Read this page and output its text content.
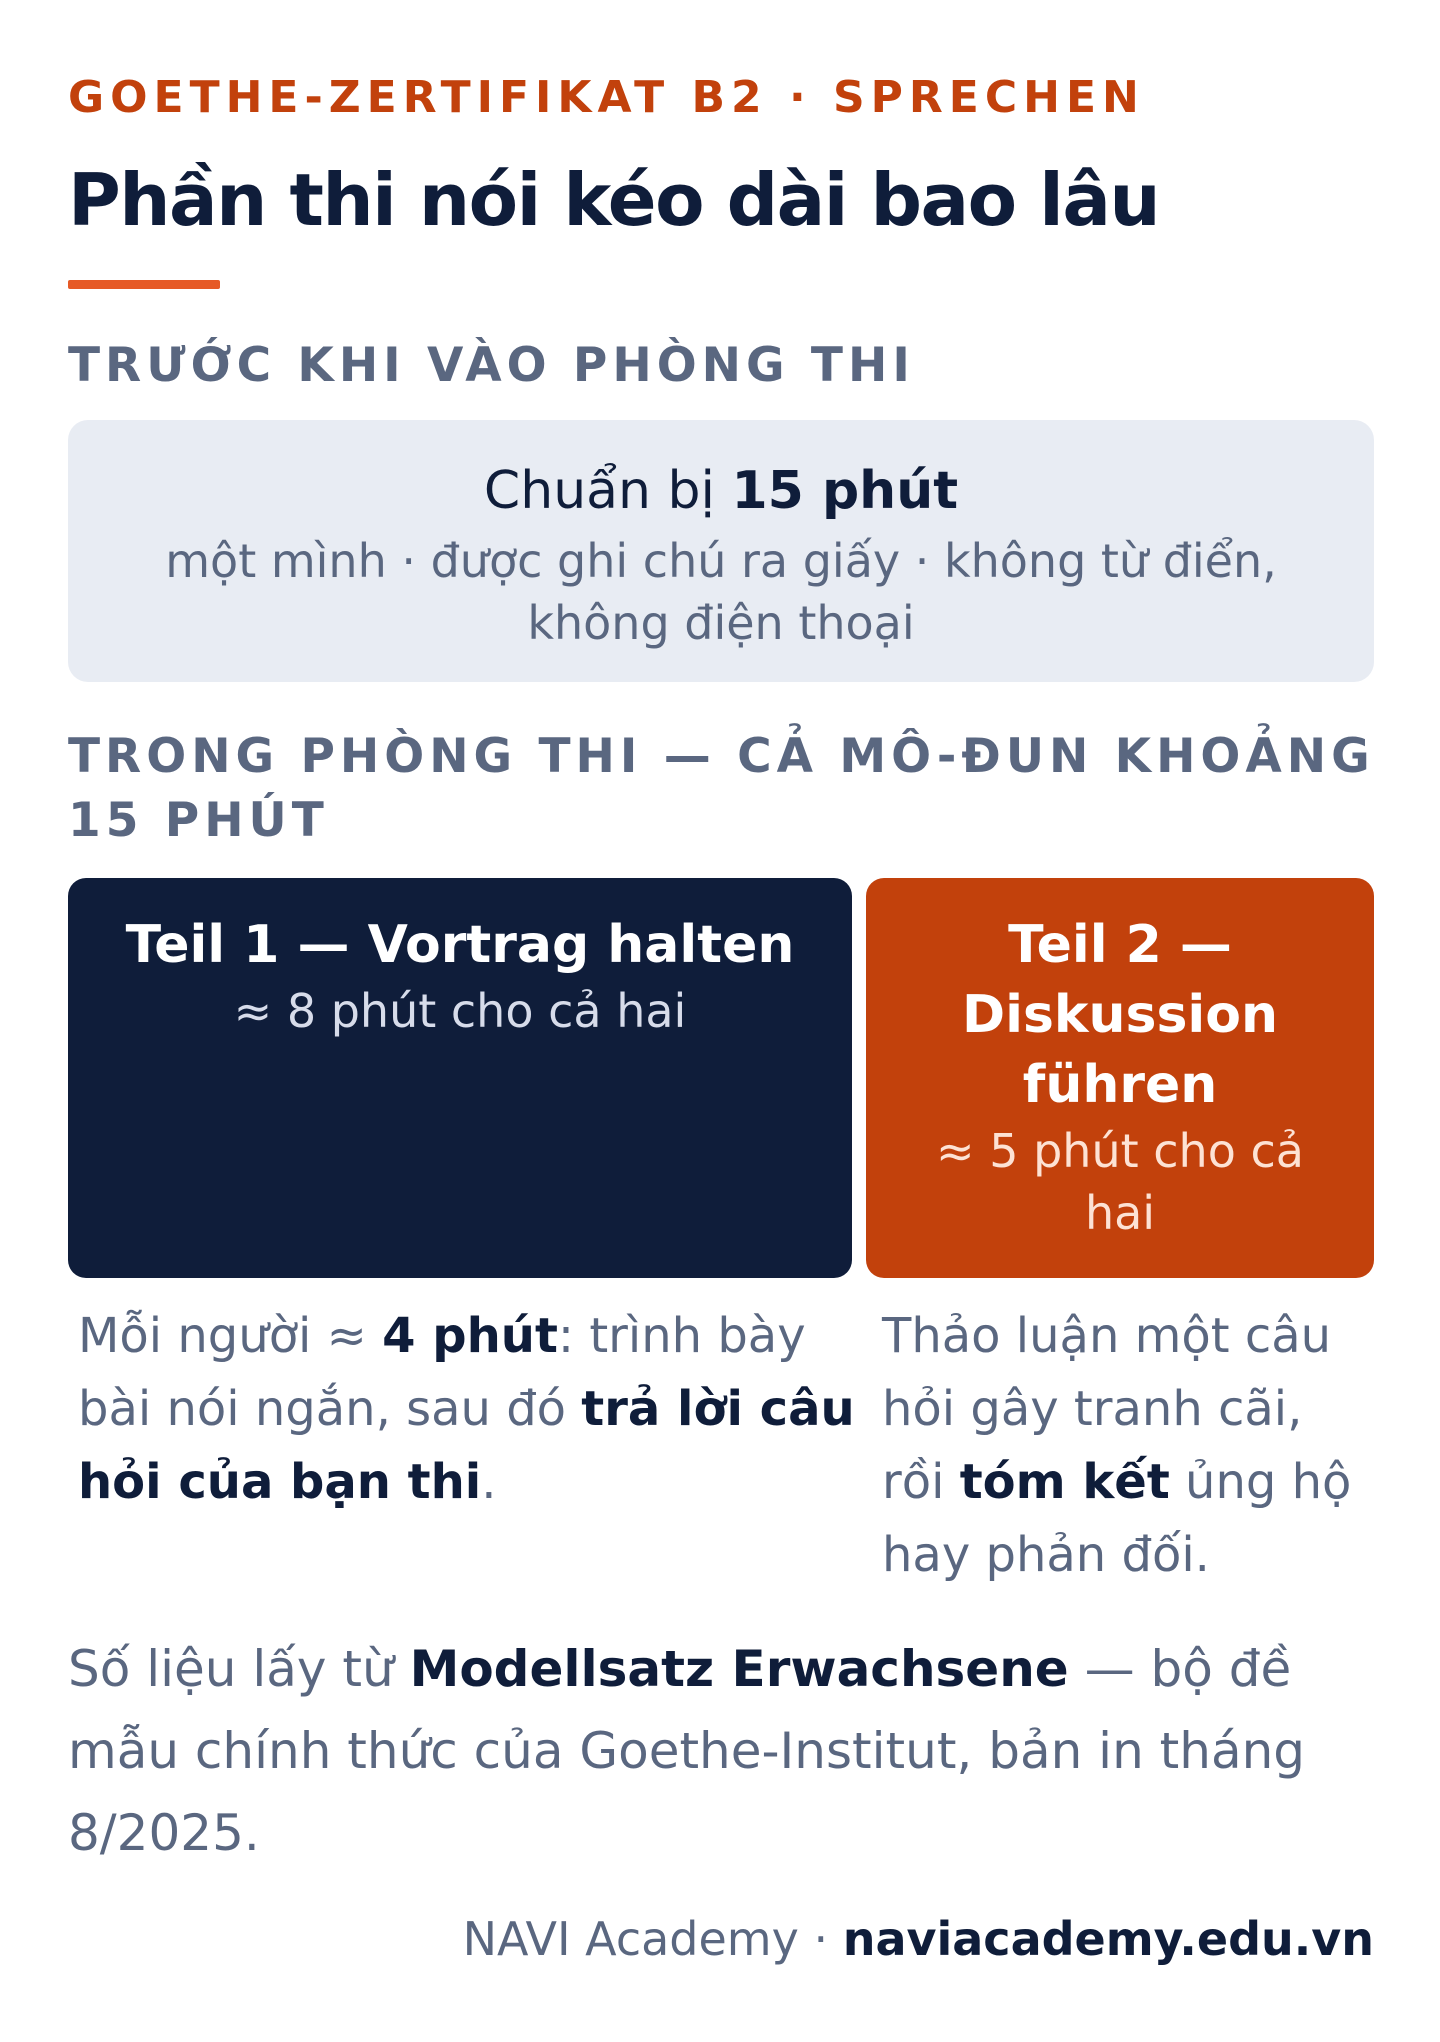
GOETHE-ZERTIFIKAT B2 · SPRECHEN
Phần thi nói kéo dài bao lâu
TRƯỚC KHI VÀO PHÒNG THI
Chuẩn bị 15 phút
một mình · được ghi chú ra giấy · không từ điển, không điện thoại
TRONG PHÒNG THI — CẢ MÔ-ĐUN KHOẢNG 15 PHÚT
Teil 1 — Vortrag halten
≈ 8 phút cho cả hai
Teil 2 — Diskussion führen
≈ 5 phút cho cả hai

Mỗi người ≈ 4 phút: trình bày bài nói ngắn, sau đó trả lời câu hỏi của bạn thi.

Thảo luận một câu hỏi gây tranh cãi, rồi tóm kết ủng hộ hay phản đối.

Số liệu lấy từ Modellsatz Erwachsene — bộ đề mẫu chính thức của Goethe-Institut, bản in tháng 8/2025.

NAVI Academy · naviacademy.edu.vn
